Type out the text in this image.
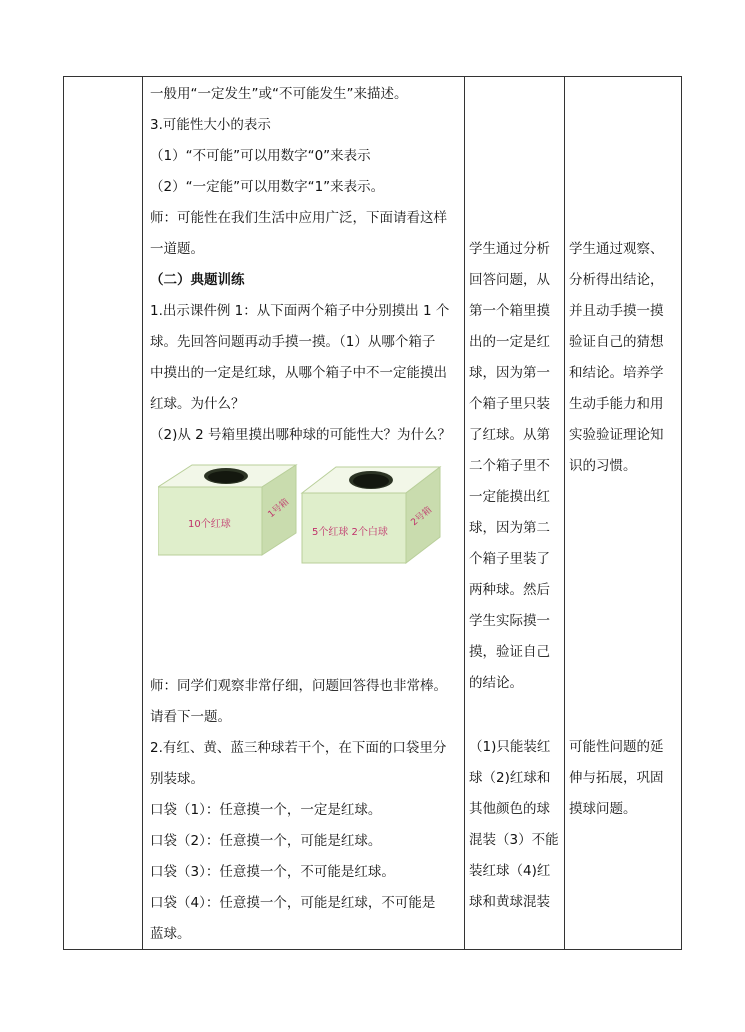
一般用“一定发生”或“不可能发生”来描述。
3.可能性大小的表示
（1）“不可能”可以用数字“0”来表示
（2）“一定能”可以用数字“1”来表示。
师：可能性在我们生活中应用广泛，下面请看这样
一道题。
（二）典题训练
1.出示课件例 1：从下面两个箱子中分别摸出 1 个
球。先回答问题再动手摸一摸。（1）从哪个箱子
中摸出的一定是红球，从哪个箱子中不一定能摸出
红球。为什么？
（2)从 2 号箱里摸出哪种球的可能性大？为什么？
10个红球
1号箱
5个红球 2个白球
2号箱
师：同学们观察非常仔细，问题回答得也非常棒。
请看下一题。
2.有红、黄、蓝三种球若干个，在下面的口袋里分
别装球。
口袋（1）：任意摸一个，一定是红球。
口袋（2）：任意摸一个，可能是红球。
口袋（3）：任意摸一个，不可能是红球。
口袋（4）：任意摸一个，可能是红球，不可能是
蓝球。
学生通过分析
回答问题，从
第一个箱里摸
出的一定是红
球，因为第一
个箱子里只装
了红球。从第
二个箱子里不
一定能摸出红
球，因为第二
个箱子里装了
两种球。然后
学生实际摸一
摸，验证自己
的结论。
（1)只能装红
球（2)红球和
其他颜色的球
混装（3）不能
装红球（4)红
球和黄球混装
学生通过观察、
分析得出结论，
并且动手摸一摸
验证自己的猜想
和结论。培养学
生动手能力和用
实验验证理论知
识的习惯。
可能性问题的延
伸与拓展，巩固
摸球问题。
